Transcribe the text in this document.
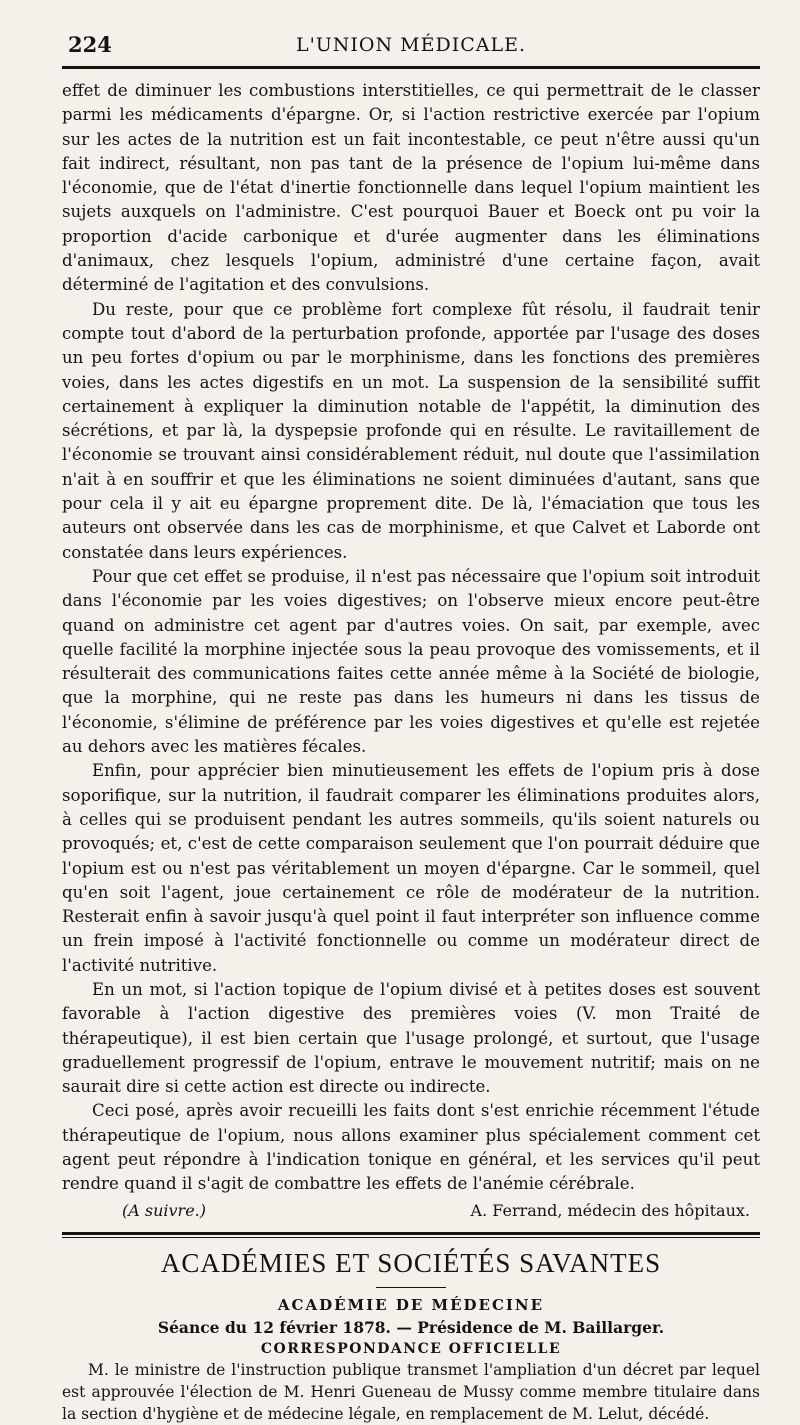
224	L'UNION MÉDICALE.

effet de diminuer les combustions interstitielles, ce qui permettrait de le classer parmi les médicaments d'épargne. Or, si l'action restrictive exercée par l'opium sur les actes de la nutrition est un fait incontestable, ce peut n'être aussi qu'un fait indirect, résultant, non pas tant de la présence de l'opium lui-même dans l'économie, que de l'état d'inertie fonctionnelle dans lequel l'opium maintient les sujets auxquels on l'administre. C'est pourquoi Bauer et Boeck ont pu voir la proportion d'acide carbonique et d'urée augmenter dans les éliminations d'animaux, chez lesquels l'opium, administré d'une certaine façon, avait déterminé de l'agitation et des convulsions.

Du reste, pour que ce problème fort complexe fût résolu, il faudrait tenir compte tout d'abord de la perturbation profonde, apportée par l'usage des doses un peu fortes d'opium ou par le morphinisme, dans les fonctions des premières voies, dans les actes digestifs en un mot. La suspension de la sensibilité suffit certainement à expliquer la diminution notable de l'appétit, la diminution des sécrétions, et par là, la dyspepsie profonde qui en résulte. Le ravitaillement de l'économie se trouvant ainsi considérablement réduit, nul doute que l'assimilation n'ait à en souffrir et que les éliminations ne soient diminuées d'autant, sans que pour cela il y ait eu épargne proprement dite. De là, l'émaciation que tous les auteurs ont observée dans les cas de morphinisme, et que Calvet et Laborde ont constatée dans leurs expériences.

Pour que cet effet se produise, il n'est pas nécessaire que l'opium soit introduit dans l'économie par les voies digestives; on l'observe mieux encore peut-être quand on administre cet agent par d'autres voies. On sait, par exemple, avec quelle facilité la morphine injectée sous la peau provoque des vomissements, et il résulterait des communications faites cette année même à la Société de biologie, que la morphine, qui ne reste pas dans les humeurs ni dans les tissus de l'économie, s'élimine de préférence par les voies digestives et qu'elle est rejetée au dehors avec les matières fécales.

Enfin, pour apprécier bien minutieusement les effets de l'opium pris à dose soporifique, sur la nutrition, il faudrait comparer les éliminations produites alors, à celles qui se produisent pendant les autres sommeils, qu'ils soient naturels ou provoqués; et, c'est de cette comparaison seulement que l'on pourrait déduire que l'opium est ou n'est pas véritablement un moyen d'épargne. Car le sommeil, quel qu'en soit l'agent, joue certainement ce rôle de modérateur de la nutrition. Resterait enfin à savoir jusqu'à quel point il faut interpréter son influence comme un frein imposé à l'activité fonctionnelle ou comme un modérateur direct de l'activité nutritive.

En un mot, si l'action topique de l'opium divisé et à petites doses est souvent favorable à l'action digestive des premières voies (V. mon Traité de thérapeutique), il est bien certain que l'usage prolongé, et surtout, que l'usage graduellement progressif de l'opium, entrave le mouvement nutritif; mais on ne saurait dire si cette action est directe ou indirecte.

Ceci posé, après avoir recueilli les faits dont s'est enrichie récemment l'étude thérapeutique de l'opium, nous allons examiner plus spécialement comment cet agent peut répondre à l'indication tonique en général, et les services qu'il peut rendre quand il s'agit de combattre les effets de l'anémie cérébrale.

(A suivre.)	A. Ferrand, médecin des hôpitaux.
ACADÉMIES ET SOCIÉTÉS SAVANTES
ACADÉMIE DE MÉDECINE
Séance du 12 février 1878. — Présidence de M. Baillarger.
CORRESPONDANCE OFFICIELLE

M. le ministre de l'instruction publique transmet l'ampliation d'un décret par lequel est approuvée l'élection de M. Henri Gueneau de Mussy comme membre titulaire dans la section d'hygiène et de médecine légale, en remplacement de M. Lelut, décédé.
